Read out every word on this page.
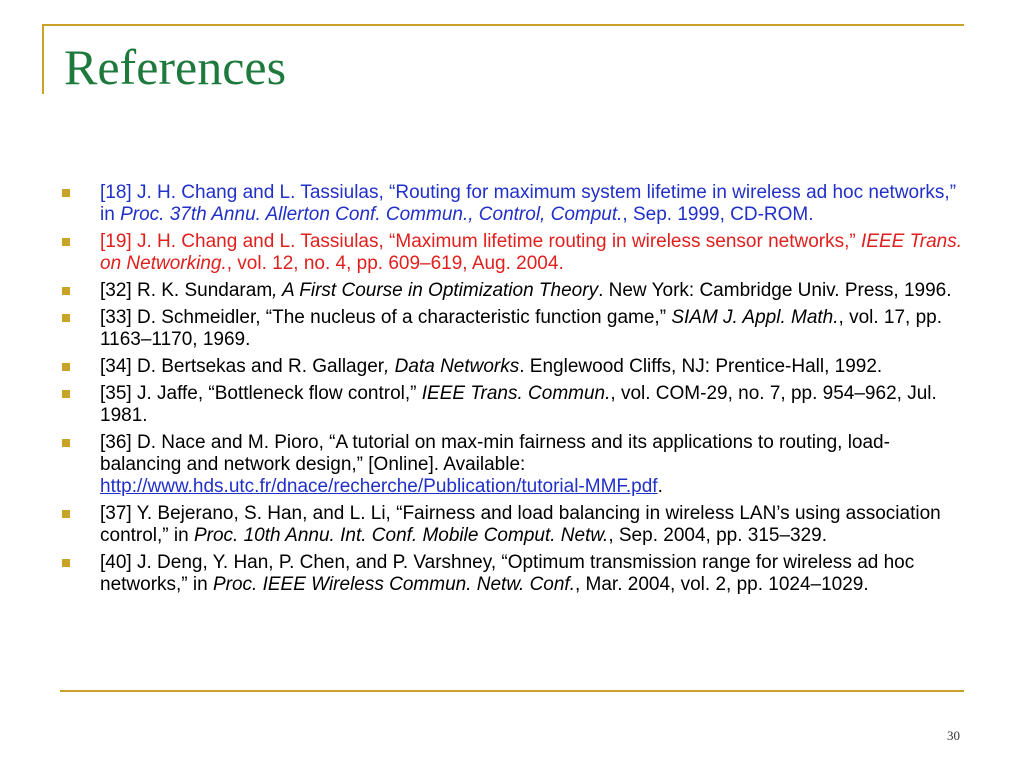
References
[18] J. H. Chang and L. Tassiulas, “Routing for maximum system lifetime in wireless ad hoc networks,” in Proc. 37th Annu. Allerton Conf. Commun., Control, Comput., Sep. 1999, CD-ROM.
[19] J. H. Chang and L. Tassiulas, “Maximum lifetime routing in wireless sensor networks,” IEEE Trans. on Networking., vol. 12, no. 4, pp. 609–619, Aug. 2004.
[32] R. K. Sundaram, A First Course in Optimization Theory. New York: Cambridge Univ. Press, 1996.
[33] D. Schmeidler, “The nucleus of a characteristic function game,” SIAM J. Appl. Math., vol. 17, pp. 1163–1170, 1969.
[34] D. Bertsekas and R. Gallager, Data Networks. Englewood Cliffs, NJ: Prentice-Hall, 1992.
[35] J. Jaffe, “Bottleneck flow control,” IEEE Trans. Commun., vol. COM-29, no. 7, pp. 954–962, Jul. 1981.
[36] D. Nace and M. Pioro, “A tutorial on max-min fairness and its applications to routing, load-balancing and network design,” [Online]. Available: http://www.hds.utc.fr/dnace/recherche/Publication/tutorial-MMF.pdf.
[37] Y. Bejerano, S. Han, and L. Li, “Fairness and load balancing in wireless LAN’s using association control,” in Proc. 10th Annu. Int. Conf. Mobile Comput. Netw., Sep. 2004, pp. 315–329.
[40] J. Deng, Y. Han, P. Chen, and P. Varshney, “Optimum transmission range for wireless ad hoc networks,” in Proc. IEEE Wireless Commun. Netw. Conf., Mar. 2004, vol. 2, pp. 1024–1029.
30
